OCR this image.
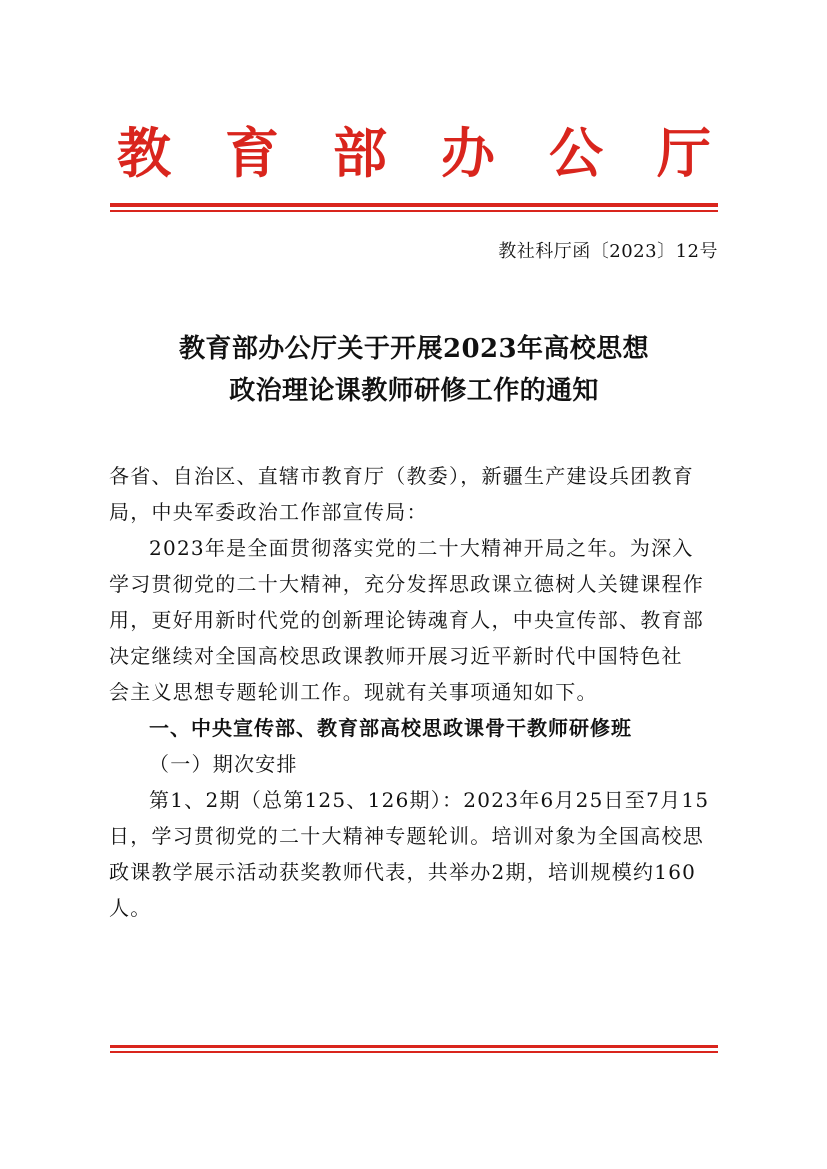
教 育 部 办 公 厅
教社科厅函〔2023〕12号
教育部办公厅关于开展2023年高校思想
政治理论课教师研修工作的通知
各省、自治区、直辖市教育厅（教委），新疆生产建设兵团教育
局，中央军委政治工作部宣传局：
2023年是全面贯彻落实党的二十大精神开局之年。为深入
学习贯彻党的二十大精神，充分发挥思政课立德树人关键课程作
用，更好用新时代党的创新理论铸魂育人，中央宣传部、教育部
决定继续对全国高校思政课教师开展习近平新时代中国特色社
会主义思想专题轮训工作。现就有关事项通知如下。
一、中央宣传部、教育部高校思政课骨干教师研修班
（一）期次安排
第1、2期（总第125、126期）：2023年6月25日至7月15
日，学习贯彻党的二十大精神专题轮训。培训对象为全国高校思
政课教学展示活动获奖教师代表，共举办2期，培训规模约160
人。
